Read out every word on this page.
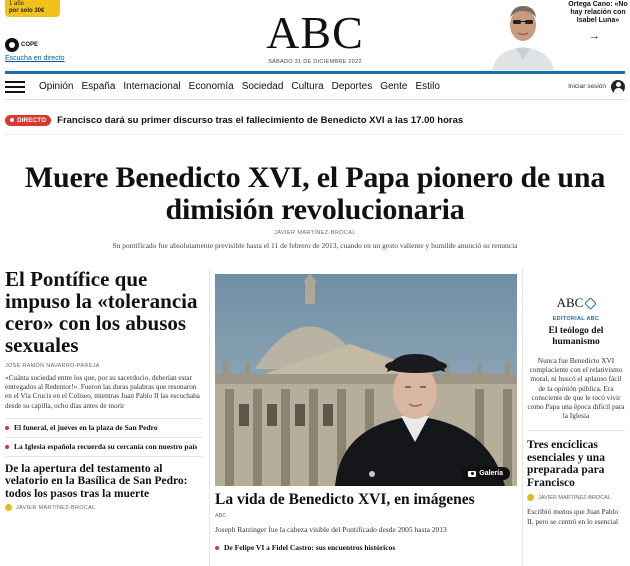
1 año
por solo 30€
COPE
Escucha en directo
ABC
SÁBADO 31 DE DICIEMBRE 2022
Ortega Cano: «No hay relación con Isabel Luna»
→
Opinión España Internacional Economía Sociedad Cultura Deportes Gente Estilo	Iniciar sesión
DIRECTO Francisco dará su primer discurso tras el fallecimiento de Benedicto XVI a las 17.00 horas
Muere Benedicto XVI, el Papa pionero de una dimisión revolucionaria
JAVIER MARTÍNEZ-BROCAL
Su pontificado fue absolutamente previsible hasta el 11 de febrero de 2013, cuando en un gesto valiente y humilde anunció su renuncia
El Pontífice que impuso la «tolerancia cero» con los abusos sexuales
JOSÉ RAMÓN NAVARRO-PAREJA
«Cuánta suciedad entre los que, por su sacerdocio, deberían estar entregados al Redentor!». Fueron las duras palabras que resonaron en el Vía Crucis en el Coliseo, mientras Juan Pablo II las escuchaba desde su capilla, ocho días antes de morir
El funeral, el jueves en la plaza de San Pedro
La Iglesia española recuerda su cercanía con nuestro país
De la apertura del testamento al velatorio en la Basílica de San Pedro: todos los pasos tras la muerte
JAVIER MARTÍNEZ-BROCAL
Galería
La vida de Benedicto XVI, en imágenes
ABC
Joseph Ratzinger fue la cabeza visible del Pontificado desde 2005 hasta 2013
De Felipe VI a Fidel Castro: sus encuentros históricos
ABC
EDITORIAL ABC
El teólogo del humanismo
Nunca fue Benedicto XVI complaciente con el relativismo moral, ni buscó el aplauso fácil de la opinión pública. Era consciente de que le tocó vivir como Papa una época difícil para la Iglesia
Tres encíclicas esenciales y una preparada para Francisco
JAVIER MARTÍNEZ-BROCAL
Escribió menos que Juan Pablo II, pero se centró en lo esencial
